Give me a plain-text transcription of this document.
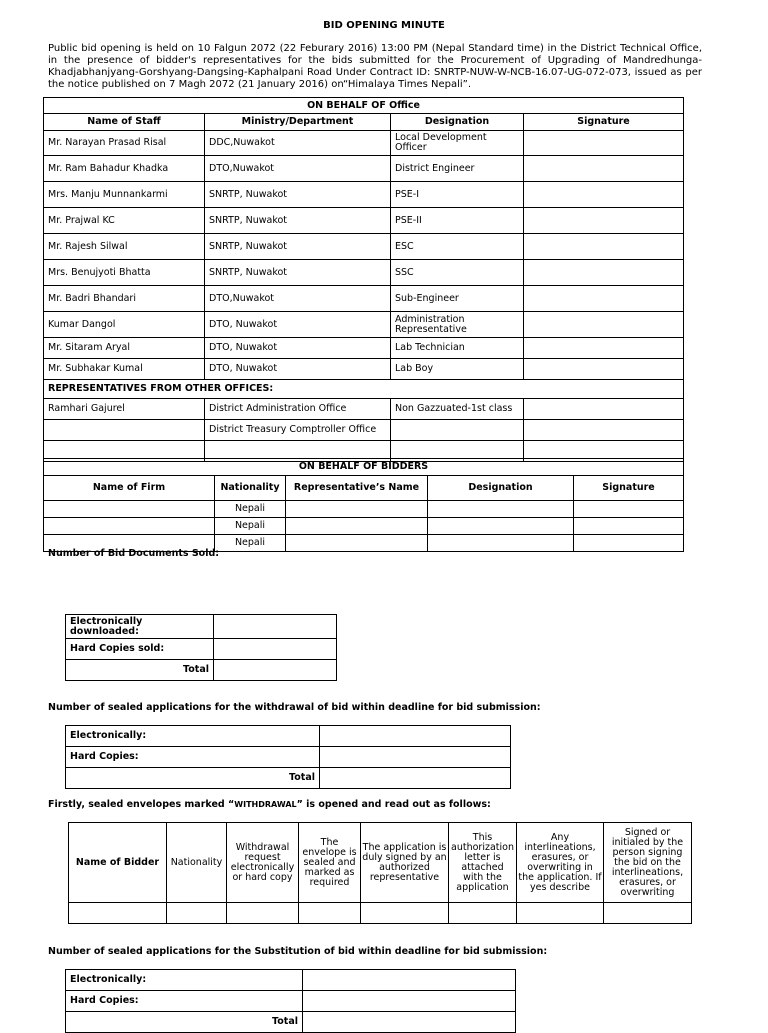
BID OPENING MINUTE
Public bid opening is held on 10 Falgun 2072 (22 Feburary 2016) 13:00 PM (Nepal Standard time) in the District Technical Office, in the presence of bidder's representatives for the bids submitted for the Procurement of Upgrading of Mandredhunga-Khadjabhanjyang-Gorshyang-Dangsing-Kaphalpani Road Under Contract ID: SNRTP-NUW-W-NCB-16.07-UG-072-073, issued as per the notice published on 7 Magh 2072 (21 January 2016) on“Himalaya Times Nepali”.
ON BEHALF OF Office			
Name of Staff	Ministry/Department	Designation	Signature
Mr. Narayan Prasad Risal	DDC,Nuwakot	Local Development Officer	
Mr. Ram Bahadur Khadka	DTO,Nuwakot	District Engineer	
Mrs. Manju Munnankarmi	SNRTP, Nuwakot	PSE-I	
Mr. Prajwal KC	SNRTP, Nuwakot	PSE-II	
Mr. Rajesh Silwal	SNRTP, Nuwakot	ESC	
Mrs. Benujyoti Bhatta	SNRTP, Nuwakot	SSC	
Mr. Badri Bhandari	DTO,Nuwakot	Sub-Engineer	
Kumar Dangol	DTO, Nuwakot	Administration Representative	
Mr. Sitaram Aryal	DTO, Nuwakot	Lab Technician	
Mr. Subhakar Kumal	DTO, Nuwakot	Lab Boy	
REPRESENTATIVES FROM OTHER OFFICES:			
Ramhari Gajurel	District Administration Office	Non Gazzuated-1st class	
	District Treasury Comptroller Office		

ON BEHALF OF BIDDERS				
Name of Firm	Nationality	Representative’s Name	Designation	Signature
	Nepali			
	Nepali			
	Nepali			
Number of Bid Documents Sold:
Electronically downloaded:	
Hard Copies sold:	
Total	
Number of sealed applications for the withdrawal of bid within deadline for bid submission:
Electronically:	
Hard Copies:	
Total	
Firstly, sealed envelopes marked “WITHDRAWAL” is opened and read out as follows:
Name of Bidder	Nationality	Withdrawal request electronically or hard copy	The envelope is sealed and marked as required	The application is duly signed by an authorized representative	This authorization letter is attached with the application	Any interlineations, erasures, or overwriting in the application. If yes describe	Signed or initialed by the person signing the bid on the interlineations, erasures, or overwriting

Number of sealed applications for the Substitution of bid within deadline for bid submission:
Electronically:	
Hard Copies:	
Total	
